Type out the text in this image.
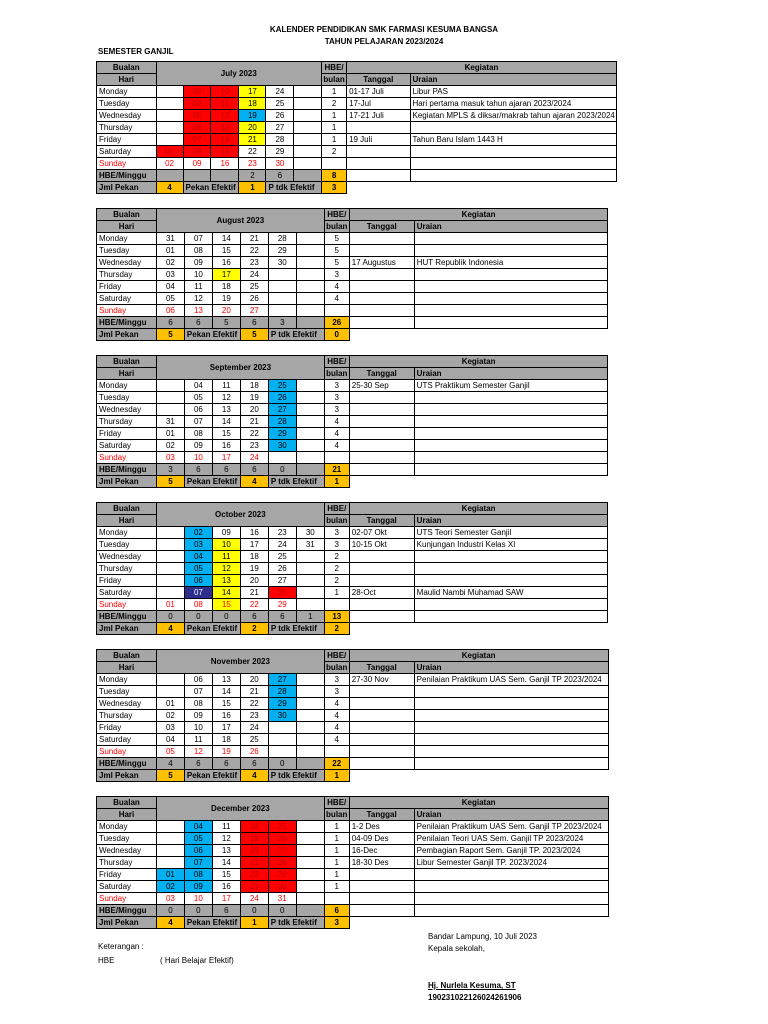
KALENDER PENDIDIKAN SMK FARMASI KESUMA BANGSA
TAHUN PELAJARAN 2023/2024
SEMESTER GANJIL
Bualan	July 2023						HBE/	Kegiatan	
Hari							bulan	Tanggal	Uraian
Monday		03	10	17	24		1	01-17 Juli	Libur PAS
Tuesday		04	11	18	25		2	17-Jul	Hari pertama masuk tahun ajaran 2023/2024
Wednesday		05	12	19	26		1	17-21 Juli	Kegiatan MPLS & diksar/makrab tahun ajaran 2023/2024
Thursday		06	13	20	27		1		
Friday		07	14	21	28		1	19 Juli	Tahun Baru Islam 1443 H
Saturday	01	08	15	22	29		2		
Sunday	02	09	16	23	30				
HBE/Minggu				2	6		8		
Jml Pekan	4	Pekan Efektif		1	P tdk Efektif		3		
Bualan	August 2023						HBE/	Kegiatan	
Hari							bulan	Tanggal	Uraian
Monday	31	07	14	21	28		5		
Tuesday	01	08	15	22	29		5		
Wednesday	02	09	16	23	30		5	17 Augustus	HUT Republik Indonesia
Thursday	03	10	17	24			3		
Friday	04	11	18	25			4		
Saturday	05	12	19	26			4		
Sunday	06	13	20	27					
HBE/Minggu	6	6	5	6	3		26		
Jml Pekan	5	Pekan Efektif		5	P tdk Efektif		0		
Bualan	September 2023						HBE/	Kegiatan	
Hari							bulan	Tanggal	Uraian
Monday		04	11	18	25		3	25-30 Sep	UTS Praktikum Semester Ganjil
Tuesday		05	12	19	26		3		
Wednesday		06	13	20	27		3		
Thursday	31	07	14	21	28		4		
Friday	01	08	15	22	29		4		
Saturday	02	09	16	23	30		4		
Sunday	03	10	17	24					
HBE/Minggu	3	6	6	6	0		21		
Jml Pekan	5	Pekan Efektif		4	P tdk Efektif		1		
Bualan	October 2023						HBE/	Kegiatan	
Hari							bulan	Tanggal	Uraian
Monday		02	09	16	23	30	3	02-07 Okt	UTS Teori Semester Ganjil
Tuesday		03	10	17	24	31	3	10-15 Okt	Kunjungan Industri Kelas XI
Wednesday		04	11	18	25		2		
Thursday		05	12	19	26		2		
Friday		06	13	20	27		2		
Saturday		07	14	21	28		1	28-Oct	Maulid Nambi Muhamad SAW
Sunday	01	08	15	22	29				
HBE/Minggu	0	0	0	6	6	1	13		
Jml Pekan	4	Pekan Efektif		2	P tdk Efektif		2		
Bualan	November 2023						HBE/	Kegiatan	
Hari							bulan	Tanggal	Uraian
Monday		06	13	20	27		3	27-30 Nov	Penilaian Praktikum UAS Sem. Ganjil TP 2023/2024
Tuesday		07	14	21	28		3		
Wednesday	01	08	15	22	29		4		
Thursday	02	09	16	23	30		4		
Friday	03	10	17	24			4		
Saturday	04	11	18	25			4		
Sunday	05	12	19	26					
HBE/Minggu	4	6	6	6	0		22		
Jml Pekan	5	Pekan Efektif		4	P tdk Efektif		1		
Bualan	December 2023						HBE/	Kegiatan	
Hari							bulan	Tanggal	Uraian
Monday		04	11	18	25		1	1-2 Des	Penilaian Praktikum UAS Sem. Ganjil TP 2023/2024
Tuesday		05	12	19	26		1	04-09 Des	Penilaian Teori UAS Sem. Ganjil TP 2023/2024
Wednesday		06	13	20	27		1	16-Dec	Pembagian Raport Sem. Ganjil TP. 2023/2024
Thursday		07	14	21	28		1	18-30 Des	Libur Semester Ganjil TP. 2023/2024
Friday	01	08	15	22	29		1		
Saturday	02	09	16	23	30		1		
Sunday	03	10	17	24	31				
HBE/Minggu	0	0	6	0	0		6		
Jml Pekan	4	Pekan Efektif		1	P tdk Efektif		3		
Keterangan :
HBE	( Hari Belajar Efektif)
Bandar Lampung, 10 Juli 2023
Kepala sekolah,
Hj. Nurlela Kesuma, ST
190231022126024261906
